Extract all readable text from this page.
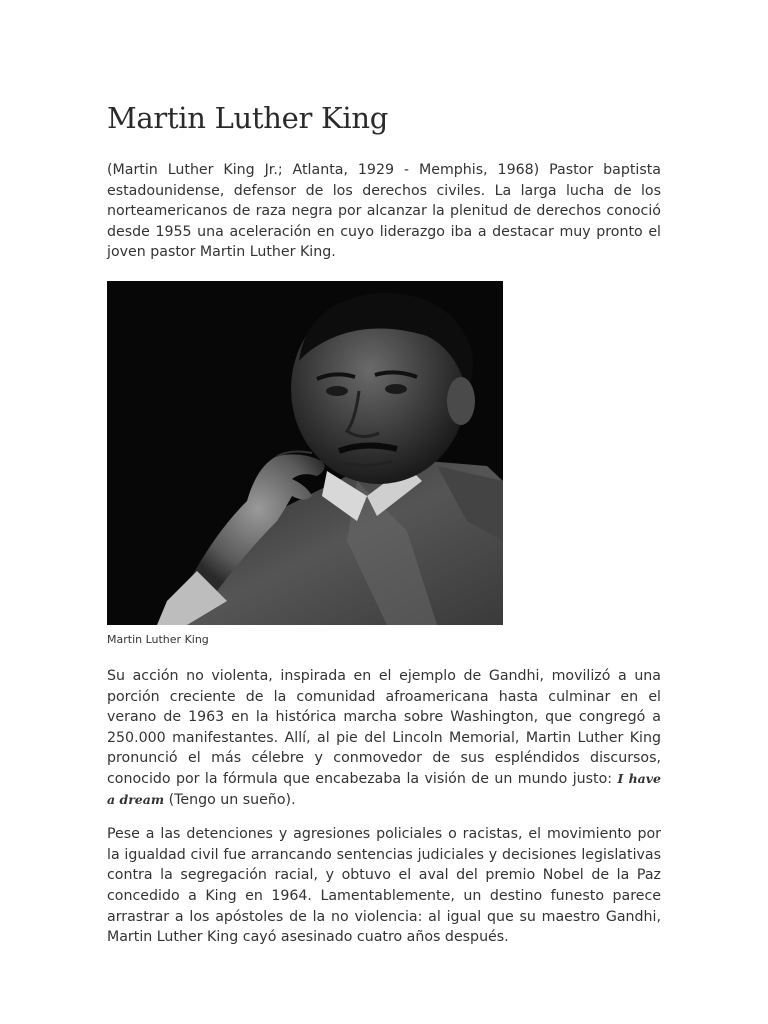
Martin Luther King

(Martin Luther King Jr.; Atlanta, 1929 - Memphis, 1968) Pastor baptista estadounidense, defensor de los derechos civiles. La larga lucha de los norteamericanos de raza negra por alcanzar la plenitud de derechos conoció desde 1955 una aceleración en cuyo liderazgo iba a destacar muy pronto el joven pastor Martin Luther King.

Martin Luther King

Su acción no violenta, inspirada en el ejemplo de Gandhi, movilizó a una porción creciente de la comunidad afroamericana hasta culminar en el verano de 1963 en la histórica marcha sobre Washington, que congregó a 250.000 manifestantes. Allí, al pie del Lincoln Memorial, Martin Luther King pronunció el más célebre y conmovedor de sus espléndidos discursos, conocido por la fórmula que encabezaba la visión de un mundo justo: I have a dream (Tengo un sueño).

Pese a las detenciones y agresiones policiales o racistas, el movimiento por la igualdad civil fue arrancando sentencias judiciales y decisiones legislativas contra la segregación racial, y obtuvo el aval del premio Nobel de la Paz concedido a King en 1964. Lamentablemente, un destino funesto parece arrastrar a los apóstoles de la no violencia: al igual que su maestro Gandhi, Martin Luther King cayó asesinado cuatro años después.
